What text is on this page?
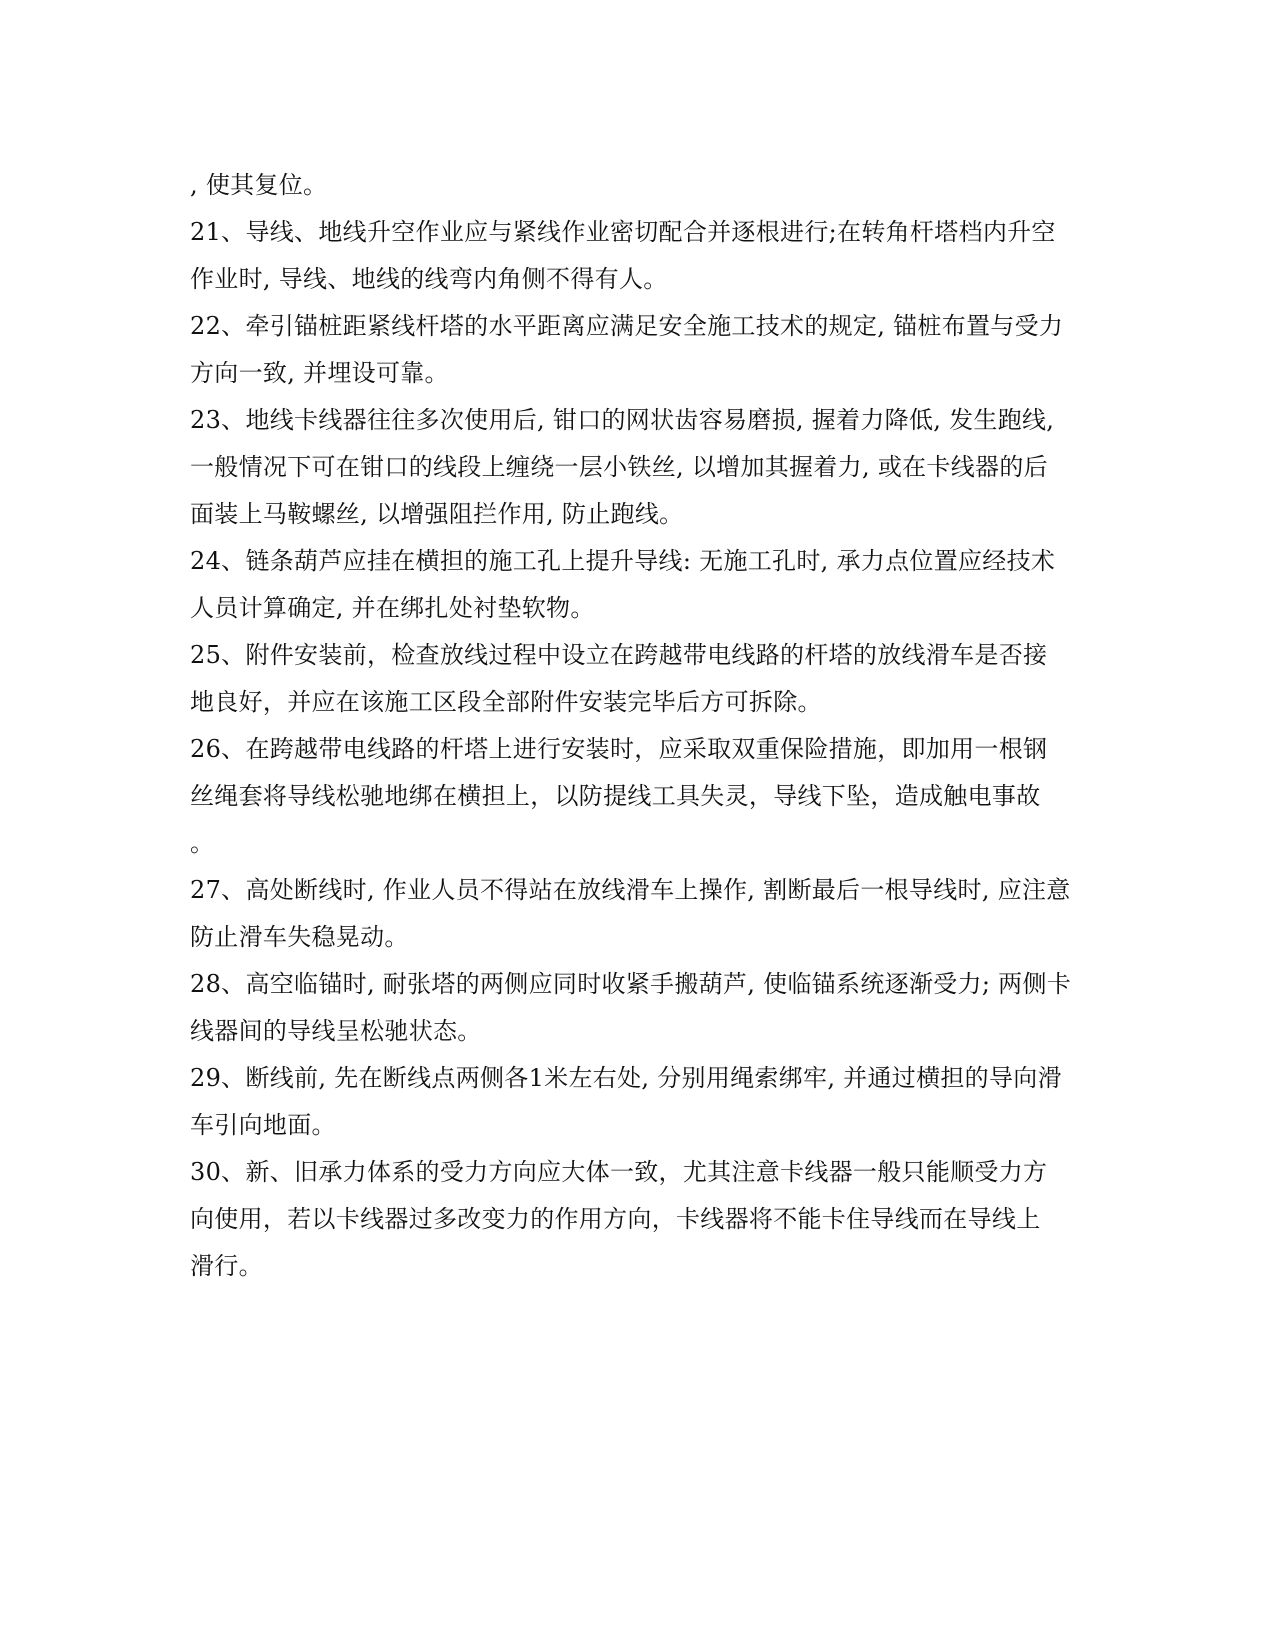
, 使其复位。
21、导线、地线升空作业应与紧线作业密切配合并逐根进行;在转角杆塔档内升空
作业时, 导线、地线的线弯内角侧不得有人。
22、牵引锚桩距紧线杆塔的水平距离应满足安全施工技术的规定, 锚桩布置与受力
方向一致, 并埋设可靠。
23、地线卡线器往往多次使用后, 钳口的网状齿容易磨损, 握着力降低, 发生跑线,
一般情况下可在钳口的线段上缠绕一层小铁丝, 以增加其握着力, 或在卡线器的后
面装上马鞍螺丝, 以增强阻拦作用, 防止跑线。
24、链条葫芦应挂在横担的施工孔上提升导线: 无施工孔时, 承力点位置应经技术
人员计算确定, 并在绑扎处衬垫软物。
25、附件安装前，检查放线过程中设立在跨越带电线路的杆塔的放线滑车是否接
地良好，并应在该施工区段全部附件安装完毕后方可拆除。
26、在跨越带电线路的杆塔上进行安装时，应采取双重保险措施，即加用一根钢
丝绳套将导线松驰地绑在横担上，以防提线工具失灵，导线下坠，造成触电事故
。
27、高处断线时, 作业人员不得站在放线滑车上操作, 割断最后一根导线时, 应注意
防止滑车失稳晃动。
28、高空临锚时, 耐张塔的两侧应同时收紧手搬葫芦, 使临锚系统逐渐受力; 两侧卡
线器间的导线呈松驰状态。
29、断线前, 先在断线点两侧各1米左右处, 分别用绳索绑牢, 并通过横担的导向滑
车引向地面。
30、新、旧承力体系的受力方向应大体一致，尤其注意卡线器一般只能顺受力方
向使用，若以卡线器过多改变力的作用方向，卡线器将不能卡住导线而在导线上
滑行。
